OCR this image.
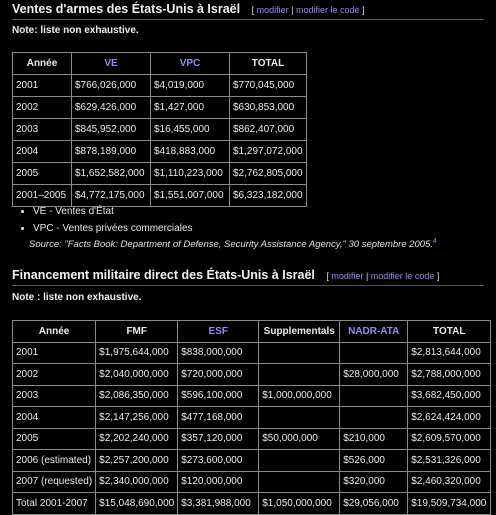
Ventes d'armes des États-Unis à Israël [ modifier | modifier le code ]
Note: liste non exhaustive.
Année	VE	VPC	TOTAL
2001	$766,026,000	$4,019,000	$770,045,000
2002	$629,426,000	$1,427,000	$630,853,000
2003	$845,952,000	$16,455,000	$862,407,000
2004	$878,189,000	$418,883,000	$1,297,072,000
2005	$1,652,582,000	$1,110,223,000	$2,762,805,000
2001–2005	$4,772,175,000	$1,551,007,000	$6,323,182,000
• VE - Ventes d'État
• VPC - Ventes privées commerciales
Source: "Facts Book: Department of Defense, Security Assistance Agency," 30 septembre 2005.$^4$
Financement militaire direct des États-Unis à Israël [ modifier | modifier le code ]
Note : liste non exhaustive.
Année	FMF	ESF	Supplementals	NADR-ATA	TOTAL
2001	$1,975,644,000	$838,000,000			$2,813,644,000
2002	$2,040,000,000	$720,000,000		$28,000,000	$2,788,000,000
2003	$2,086,350,000	$596,100,000	$1,000,000,000		$3,682,450,000
2004	$2,147,256,000	$477,168,000			$2,624,424,000
2005	$2,202,240,000	$357,120,000	$50,000,000	$210,000	$2,609,570,000
2006 (estimated)	$2,257,200,000	$273,600,000		$526,000	$2,531,326,000
2007 (requested)	$2,340,000,000	$120,000,000		$320,000	$2,460,320,000
Total 2001-2007	$15,048,690,000	$3,381,988,000	$1,050,000,000	$29,056,000	$19,509,734,000
